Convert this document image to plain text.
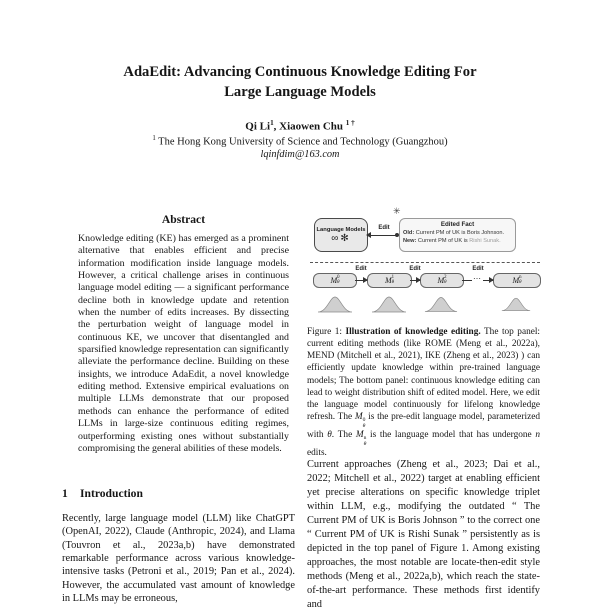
AdaEdit: Advancing Continuous Knowledge Editing For
Large Language Models
Qi Li$^1$, Xiaowen Chu $^{1 \dagger}$
$^1$ The Hong Kong University of Science and Technology (Guangzhou)
lqinfdim@163.com
Abstract
Knowledge editing (KE) has emerged as a prominent alternative that enables efficient and precise information modification inside language models. However, a critical challenge arises in continuous language model editing — a significant performance decline both in knowledge update and retention when the number of edits increases. By dissecting the perturbation weight of language model in continuous KE, we uncover that disentangled and sparsified knowledge representation can significantly alleviate the performance decline. Building on these insights, we introduce AdaEdit, a novel knowledge editing method. Extensive empirical evaluations on multiple LLMs demonstrate that our proposed methods can enhance the performance of edited LLMs in large-size continuous editing regimes, outperforming existing ones without substantially compromising the general abilities of these models.
1 Introduction
Recently, large language model (LLM) like ChatGPT (OpenAI, 2022), Claude (Anthropic, 2024), and Llama (Touvron et al., 2023a,b) have demonstrated remarkable performance across various knowledge-intensive tasks (Petroni et al., 2019; Pan et al., 2024). However, the accumulated vast amount of knowledge in LLMs may be erroneous,
Language Models
∞✻
Edit
✳
Edited Fact
Old: Current PM of UK is Boris Johnson.
New: Current PM of UK is Rishi Sunak.
M 0
θ	M 1
θ	M 2
θ	M n
θ
Edit	Edit	Edit
⋯
Figure 1: Illustration of knowledge editing. The top panel: current editing methods (like ROME (Meng et al., 2022a), MEND (Mitchell et al., 2021), IKE (Zheng et al., 2023) ) can efficiently update knowledge within pre-trained language models; The bottom panel: continuous knowledge editing can lead to weight distribution shift of edited model. Here, we edit the language model continuously for lifelong knowledge refresh. The M 0
θ
is the pre-edit language model, parameterized with θ. The M n
θ
is the language model that has undergone n edits.
Current approaches (Zheng et al., 2023; Dai et al., 2022; Mitchell et al., 2022) target at enabling efficient yet precise alterations on specific knowledge triplet within LLM, e.g., modifying the outdated “ The Current PM of UK is Boris Johnson ” to the correct one “ Current PM of UK is Rishi Sunak ” persistently as is depicted in the top panel of Figure 1. Among existing approaches, the most notable are locate-then-edit style methods (Meng et al., 2022a,b), which reach the state-of-the-art performance. These methods first identify and
